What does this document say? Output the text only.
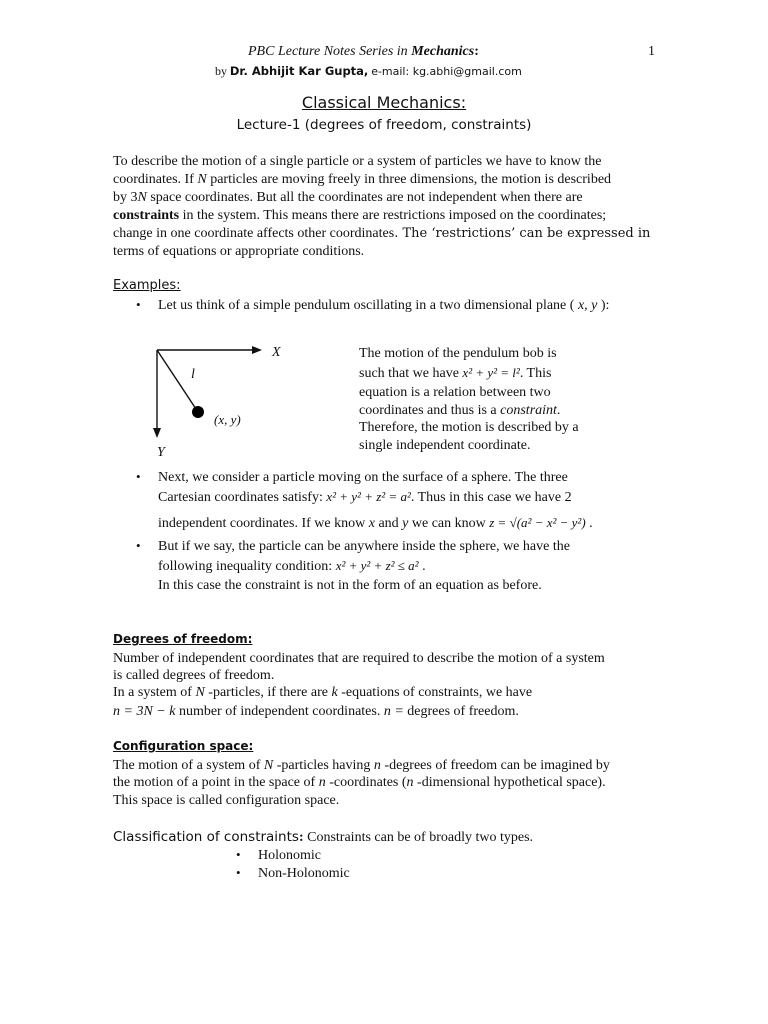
PBC Lecture Notes Series in Mechanics:	1
by Dr. Abhijit Kar Gupta, e-mail: kg.abhi@gmail.com
Classical Mechanics:
Lecture-1 (degrees of freedom, constraints)
To describe the motion of a single particle or a system of particles we have to know the
coordinates. If N particles are moving freely in three dimensions, the motion is described
by 3N space coordinates. But all the coordinates are not independent when there are
constraints in the system. This means there are restrictions imposed on the coordinates;
change in one coordinate affects other coordinates. The ‘restrictions’ can be expressed in
terms of equations or appropriate conditions.
Examples:
• Let us think of a simple pendulum oscillating in a two dimensional plane ( x, y ):
X
Y
l
(x, y)
The motion of the pendulum bob is
such that we have x² + y² = l². This
equation is a relation between two
coordinates and thus is a constraint.
Therefore, the motion is described by a
single independent coordinate.
• Next, we consider a particle moving on the surface of a sphere. The three
Cartesian coordinates satisfy: x² + y² + z² = a². Thus in this case we have 2
independent coordinates. If we know x and y we can know z = √(a² − x² − y²) .
• But if we say, the particle can be anywhere inside the sphere, we have the
following inequality condition: x² + y² + z² ≤ a² .
In this case the constraint is not in the form of an equation as before.
Degrees of freedom:
Number of independent coordinates that are required to describe the motion of a system
is called degrees of freedom.
In a system of N -particles, if there are k -equations of constraints, we have
n = 3N − k number of independent coordinates. n = degrees of freedom.
Configuration space:
The motion of a system of N -particles having n -degrees of freedom can be imagined by
the motion of a point in the space of n -coordinates (n -dimensional hypothetical space).
This space is called configuration space.
Classification of constraints: Constraints can be of broadly two types.
• Holonomic
• Non-Holonomic
